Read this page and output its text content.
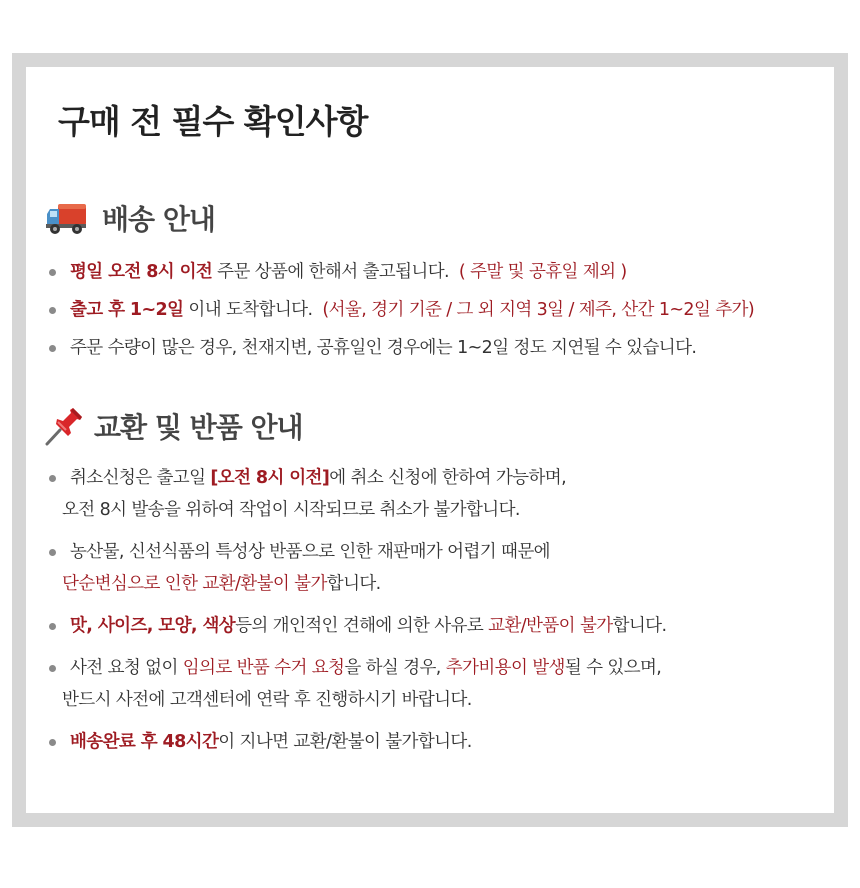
구매 전 필수 확인사항
배송 안내
평일 오전 8시 이전 주문 상품에 한해서 출고됩니다.  ( 주말 및 공휴일 제외 )
출고 후 1~2일 이내 도착합니다.  (서울, 경기 기준 / 그 외 지역 3일 / 제주, 산간 1~2일 추가)
주문 수량이 많은 경우, 천재지변, 공휴일인 경우에는 1~2일 정도 지연될 수 있습니다.
교환 및 반품 안내
취소신청은 출고일 [오전 8시 이전]에 취소 신청에 한하여 가능하며,
오전 8시 발송을 위하여 작업이 시작되므로 취소가 불가합니다.
농산물, 신선식품의 특성상 반품으로 인한 재판매가 어렵기 때문에
단순변심으로 인한 교환/환불이 불가합니다.
맛, 사이즈, 모양, 색상등의 개인적인 견해에 의한 사유로 교환/반품이 불가합니다.
사전 요청 없이 임의로 반품 수거 요청을 하실 경우, 추가비용이 발생될 수 있으며,
반드시 사전에 고객센터에 연락 후 진행하시기 바랍니다.
배송완료 후 48시간이 지나면 교환/환불이 불가합니다.
